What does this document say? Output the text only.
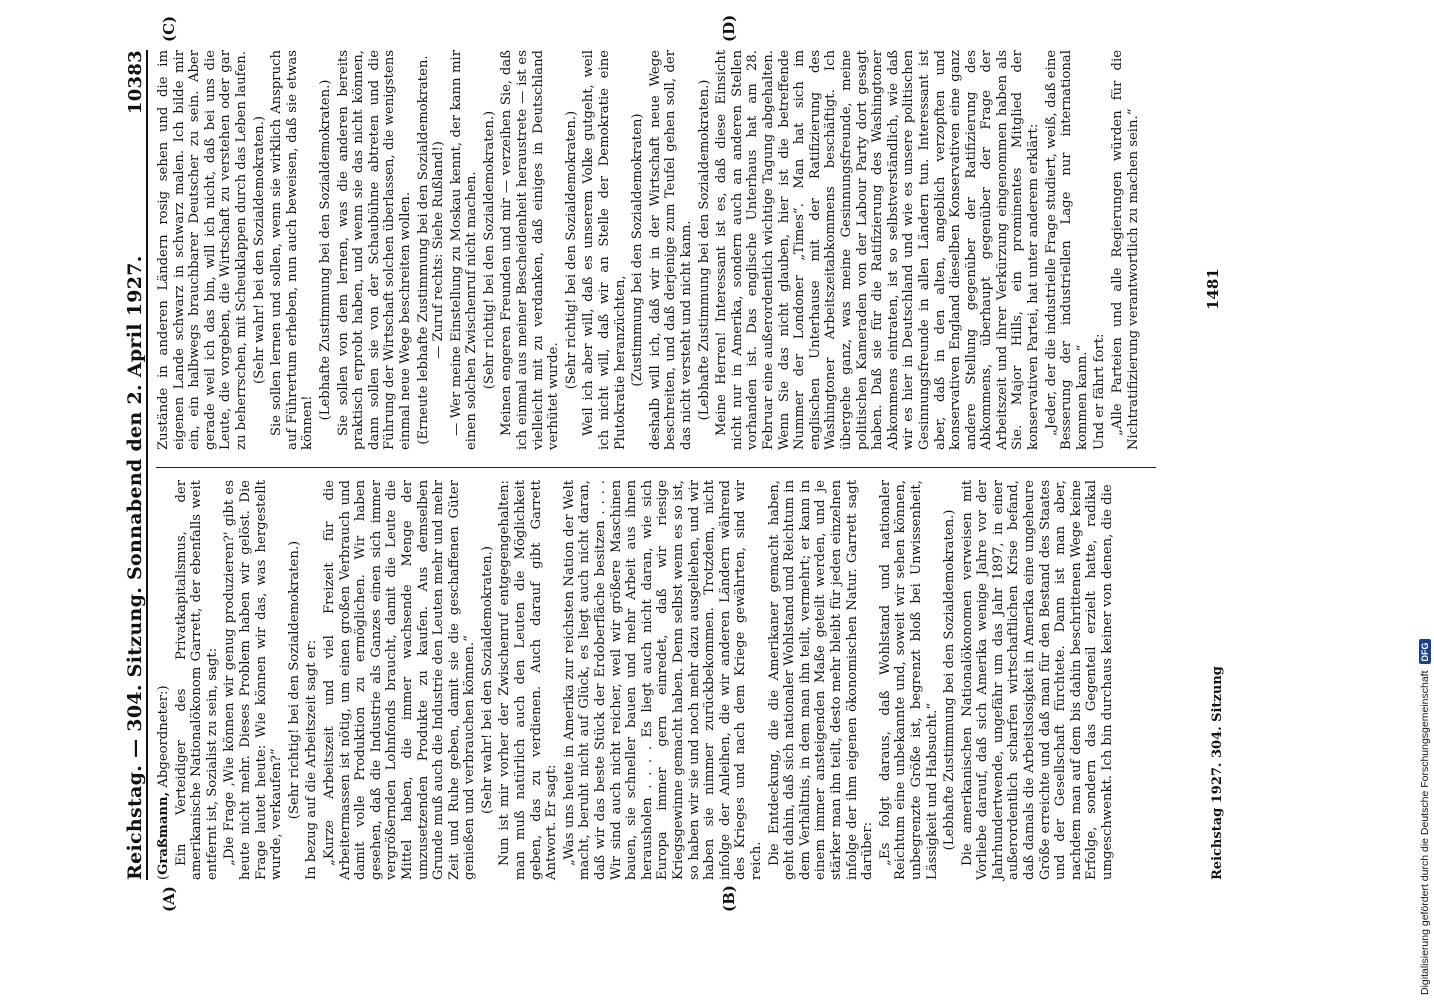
Reichstag. — 304. Sitzung. Sonnabend den 2. April 1927.
10383
(A)	(B)
(C)	(D)

(Graßmann, Abgeordneter:) Ein Verteidiger des Privatkapitalismus, der amerikanische Nationalökonom Garrett, der ebenfalls weit entfernt ist, Sozialist zu sein, sagt: „Die Frage ‚Wie können wir genug produzieren?' gibt es heute nicht mehr. Dieses Problem haben wir gelöst. Die Frage lautet heute: Wie können wir das, was hergestellt wurde, verkaufen?“ (Sehr richtig! bei den Sozialdemokraten.) In bezug auf die Arbeitszeit sagt er: „Kurze Arbeitszeit und viel Freizeit für die Arbeitermassen ist nötig, um einen großen Verbrauch und damit volle Produktion zu ermöglichen. Wir haben gesehen, daß die Industrie als Ganzes einen sich immer vergrößernden Lohnfonds braucht, damit die Leute die Mittel haben, die immer wachsende Menge der umzusetzenden Produkte zu kaufen. Aus demselben Grunde muß auch die Industrie den Leuten mehr und mehr Zeit und Ruhe geben, damit sie die geschaffenen Güter genießen und verbrauchen können.“ (Sehr wahr! bei den Sozialdemokraten.) Nun ist mir vorher der Zwischenruf entgegengehalten: man muß natürlich auch den Leuten die Möglichkeit geben, das zu verdienen. Auch darauf gibt Garrett Antwort. Er sagt: „Was uns heute in Amerika zur reichsten Nation der Welt macht, beruht nicht auf Glück, es liegt auch nicht daran, daß wir das beste Stück der Erdoberfläche besitzen . . . . Wir sind auch nicht reicher, weil wir größere Maschinen bauen, sie schneller bauen und mehr Arbeit aus ihnen herausholen . . . . Es liegt auch nicht daran, wie sich Europa immer gern einredet, daß wir riesige Kriegsgewinne gemacht haben. Denn selbst wenn es so ist, so haben wir sie und noch mehr dazu ausgeliehen, und wir haben sie nimmer zurückbekommen. Trotzdem, nicht infolge der Anleihen, die wir anderen Ländern während des Krieges und nach dem Kriege gewährten, sind wir reich. Die Entdeckung, die die Amerikaner gemacht haben, geht dahin, daß sich nationaler Wohlstand und Reichtum in dem Verhältnis, in dem man ihn teilt, vermehrt; er kann in einem immer ansteigenden Maße geteilt werden, und je stärker man ihn teilt, desto mehr bleibt für jeden einzelnen infolge der ihm eigenen ökonomischen Natur. Garrett sagt darüber: „Es folgt daraus, daß Wohlstand und nationaler Reichtum eine unbekannte und, soweit wir sehen können, unbegrenzte Größe ist, begrenzt bloß bei Unwissenheit, Lässigkeit und Habsucht.“ (Lebhafte Zustimmung bei den Sozialdemokraten.) Die amerikanischen Nationalökonomen verweisen mit Vorliebe darauf, daß sich Amerika wenige Jahre vor der Jahrhundertwende, ungefähr um das Jahr 1897, in einer außerordentlich scharfen wirtschaftlichen Krise befand, daß damals die Arbeitslosigkeit in Amerika eine ungeheure Größe erreichte und daß man für den Bestand des Staates und der Gesellschaft fürchtete. Dann ist man aber, nachdem man auf dem bis dahin beschrittenen Wege keine Erfolge, sondern das Gegenteil erzielt hatte, radikal umgeschwenkt. Ich bin durchaus keiner von denen, die die

Zustände in anderen Ländern rosig sehen und die im eigenen Lande schwarz in schwarz malen. Ich bilde mir ein, ein halbwegs brauchbarer Deutscher zu sein. Aber gerade weil ich das bin, will ich nicht, daß bei uns die Leute, die vorgeben, die Wirtschaft zu verstehen oder gar zu beherrschen, mit Scheuklappen durch das Leben laufen. (Sehr wahr! bei den Sozialdemokraten.) Sie sollen lernen und sollen, wenn sie wirklich Anspruch auf Führertum erheben, nun auch beweisen, daß sie etwas können!

(Lebhafte Zustimmung bei den Sozialdemokraten.) Sie sollen von dem lernen, was die anderen bereits praktisch erprobt haben, und wenn sie das nicht können, dann sollen sie von der Schaubühne abtreten und die Führung der Wirtschaft solchen überlassen, die wenigstens einmal neue Wege beschreiten wollen. (Erneute lebhafte Zustimmung bei den Sozialdemokraten. — Zuruf rechts: Siehe Rußland!) — Wer meine Einstellung zu Moskau kennt, der kann mir einen solchen Zwischenruf nicht machen. (Sehr richtig! bei den Sozialdemokraten.) Meinen engeren Freunden und mir — verzeihen Sie, daß ich einmal aus meiner Bescheidenheit heraustrete — ist es vielleicht mit zu verdanken, daß einiges in Deutschland verhütet wurde.

(Sehr richtig! bei den Sozialdemokraten.) Weil ich aber will, daß es unserem Volke gutgeht, weil ich nicht will, daß wir an Stelle der Demokratie eine Plutokratie heranzüchten, (Zustimmung bei den Sozialdemokraten) deshalb will ich, daß wir in der Wirtschaft neue Wege beschreiten, und daß derjenige zum Teufel gehen soll, der das nicht versteht und nicht kann. (Lebhafte Zustimmung bei den Sozialdemokraten.) Meine Herren! Interessant ist es, daß diese Einsicht nicht nur in Amerika, sondern auch an anderen Stellen vorhanden ist. Das englische Unterhaus hat am 28. Februar eine außerordentlich wichtige Tagung abgehalten. Wenn Sie das nicht glauben, hier ist die betreffende Nummer der Londoner „Times“. Man hat sich im englischen Unterhause mit der Ratifizierung des Washingtoner Arbeitszeitabkommens beschäftigt. Ich übergehe ganz, was meine Gesinnungsfreunde, meine politischen Kameraden von der Labour Party dort gesagt haben. Daß sie für die Ratifizierung des Washingtoner Abkommens eintraten, ist so selbstverständlich, wie daß wir es hier in Deutschland und wie es unsere politischen Gesinnungsfreunde in allen Ländern tun. Interessant ist aber, daß in den alten, angeblich verzopften und konservativen England dieselben Konservativen eine ganz andere Stellung gegenüber der Ratifizierung des Abkommens, überhaupt gegenüber der Frage der Arbeitszeit und ihrer Verkürzung eingenommen haben als Sie. Major Hills, ein prominentes Mitglied der konservativen Partei, hat unter anderem erklärt: „Jeder, der die industrielle Frage studiert, weiß, daß eine Besserung der industriellen Lage nur international kommen kann.“ Und er fährt fort: „Alle Parteien und alle Regierungen würden für die Nichtratifizierung verantwortlich zu machen sein.“

Reichstag 1927. 304. Sitzung
1481
Digitalisierung gefördert durch die Deutsche Forschungsgemeinschaft
DFG
